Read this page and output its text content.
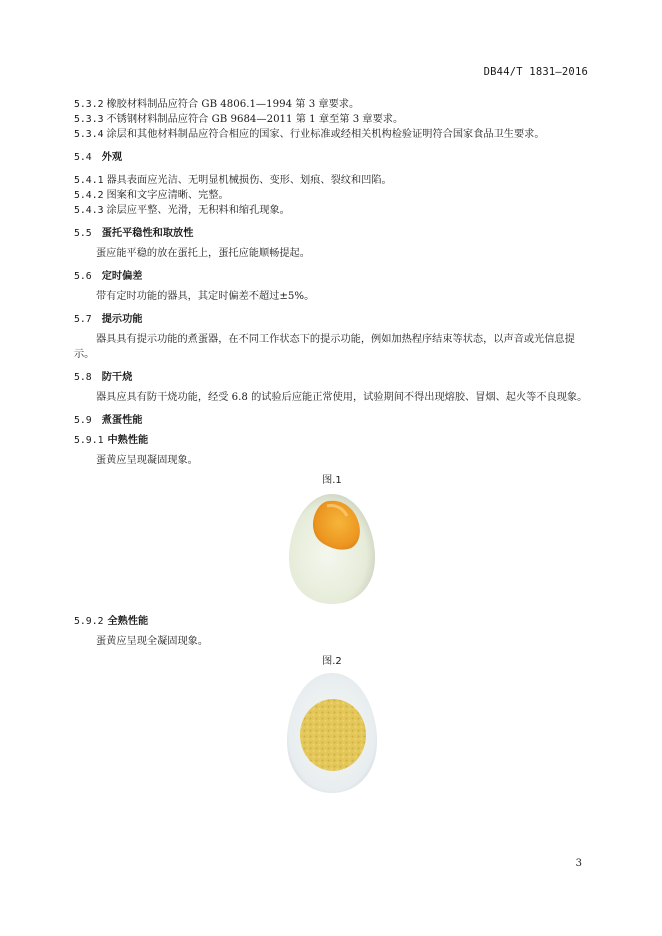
DB44/T 1831—2016

5.3.2 橡胶材料制品应符合 GB 4806.1—1994 第 3 章要求。

5.3.3 不锈钢材料制品应符合 GB 9684—2011 第 1 章至第 3 章要求。

5.3.4 涂层和其他材料制品应符合相应的国家、行业标准或经相关机构检验证明符合国家食品卫生要求。

5.4 外观

5.4.1 器具表面应光洁、无明显机械损伤、变形、划痕、裂纹和凹陷。

5.4.2 图案和文字应清晰、完整。

5.4.3 涂层应平整、光滑，无积料和缩孔现象。

5.5 蛋托平稳性和取放性

蛋应能平稳的放在蛋托上，蛋托应能顺畅提起。

5.6 定时偏差

带有定时功能的器具，其定时偏差不超过±5%。

5.7 提示功能

器具具有提示功能的煮蛋器，在不同工作状态下的提示功能，例如加热程序结束等状态，以声音或光信息提示。

5.8 防干烧

器具应具有防干烧功能，经受 6.8 的试验后应能正常使用，试验期间不得出现熔胶、冒烟、起火等不良现象。

5.9 煮蛋性能

5.9.1 中熟性能

蛋黄应呈现凝固现象。

图.1

5.9.2 全熟性能

蛋黄应呈现全凝固现象。

图.2

3
